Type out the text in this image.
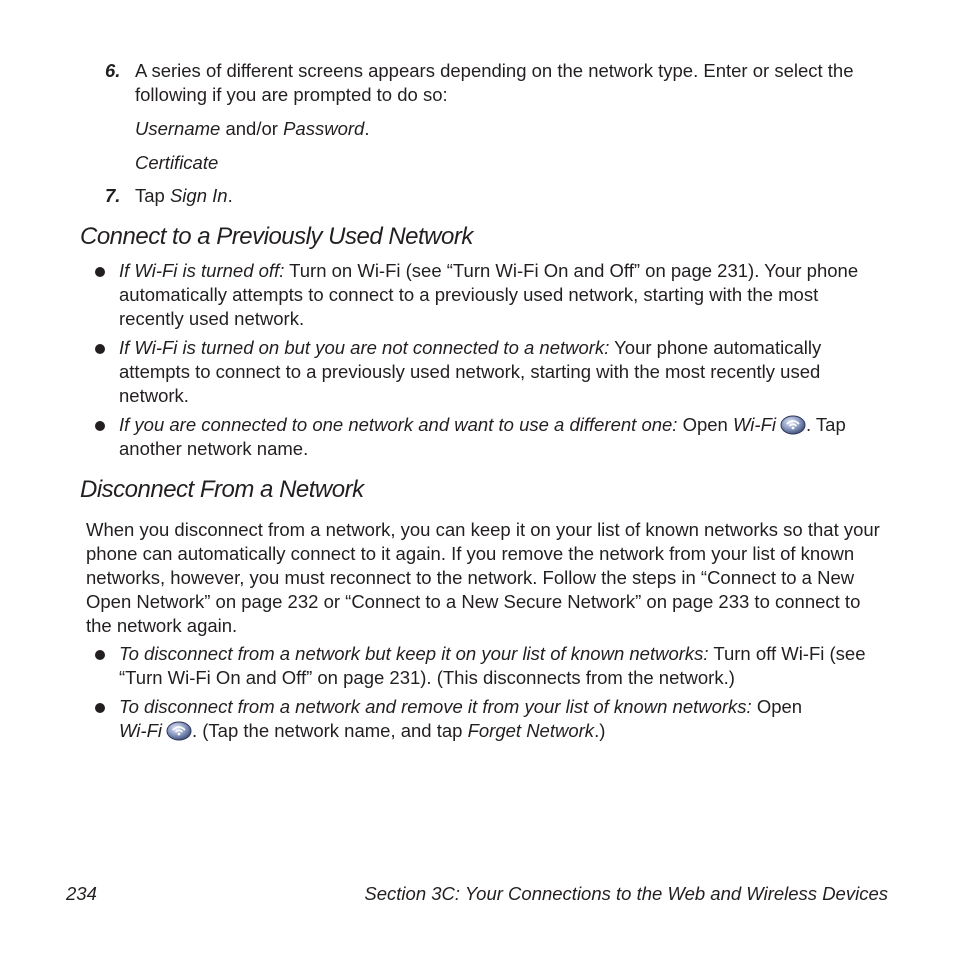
6. A series of different screens appears depending on the network type. Enter or select the following if you are prompted to do so:
Username and/or Password.
Certificate
7. Tap Sign In.
Connect to a Previously Used Network
If Wi-Fi is turned off: Turn on Wi-Fi (see “Turn Wi-Fi On and Off” on page 231). Your phone automatically attempts to connect to a previously used network, starting with the most recently used network.
If Wi-Fi is turned on but you are not connected to a network: Your phone automatically attempts to connect to a previously used network, starting with the most recently used network.
If you are connected to one network and want to use a different one: Open Wi-Fi . Tap another network name.
Disconnect From a Network
When you disconnect from a network, you can keep it on your list of known networks so that your phone can automatically connect to it again. If you remove the network from your list of known networks, however, you must reconnect to the network. Follow the steps in “Connect to a New Open Network” on page 232 or “Connect to a New Secure Network” on page 233 to connect to the network again.
To disconnect from a network but keep it on your list of known networks: Turn off Wi-Fi (see “Turn Wi-Fi On and Off” on page 231). (This disconnects from the network.)
To disconnect from a network and remove it from your list of known networks: Open
Wi-Fi . (Tap the network name, and tap Forget Network.)
234	Section 3C: Your Connections to the Web and Wireless Devices
